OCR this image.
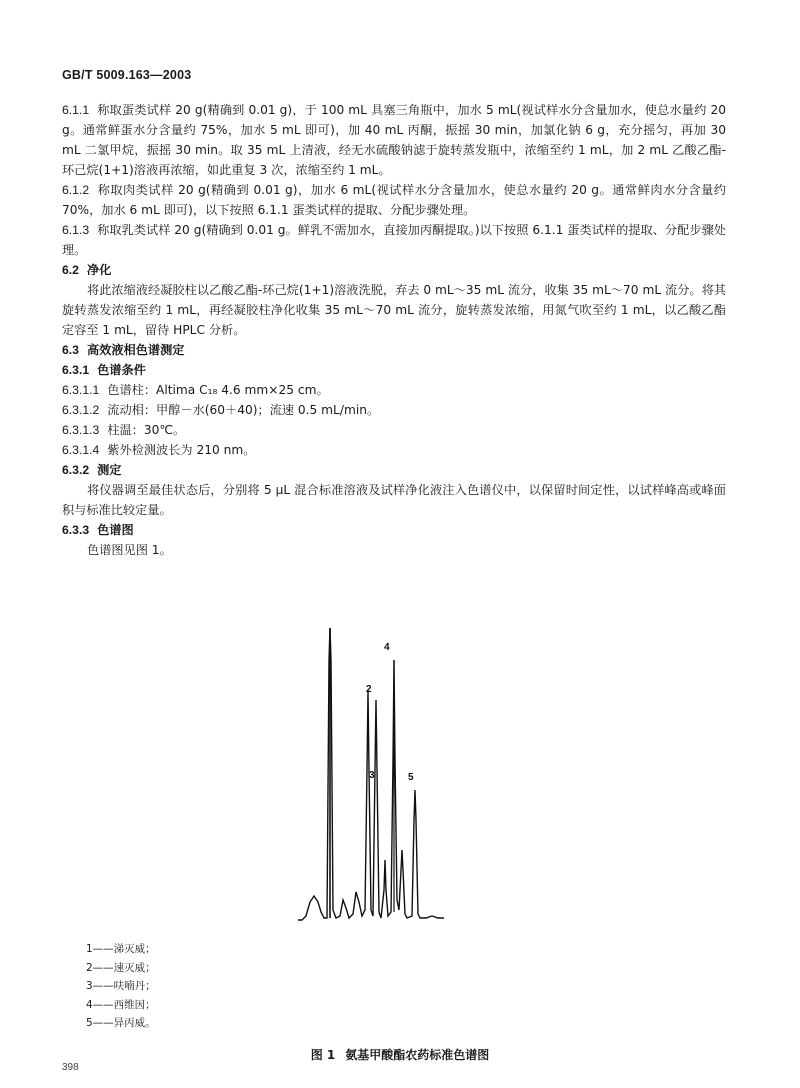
GB/T 5009.163—2003

6.1.1 称取蛋类试样 20 g(精确到 0.01 g)，于 100 mL 具塞三角瓶中，加水 5 mL(视试样水分含量加水，使总水量约 20 g。通常鲜蛋水分含量约 75%，加水 5 mL 即可)，加 40 mL 丙酮，振摇 30 min，加氯化钠 6 g，充分摇匀，再加 30 mL 二氯甲烷，振摇 30 min。取 35 mL 上清液，经无水硫酸钠滤于旋转蒸发瓶中，浓缩至约 1 mL，加 2 mL 乙酸乙酯-环己烷(1+1)溶液再浓缩，如此重复 3 次，浓缩至约 1 mL。

6.1.2 称取肉类试样 20 g(精确到 0.01 g)，加水 6 mL(视试样水分含量加水，使总水量约 20 g。通常鲜肉水分含量约 70%，加水 6 mL 即可)，以下按照 6.1.1 蛋类试样的提取、分配步骤处理。

6.1.3 称取乳类试样 20 g(精确到 0.01 g。鲜乳不需加水，直接加丙酮提取。)以下按照 6.1.1 蛋类试样的提取、分配步骤处理。

6.2 净化

将此浓缩液经凝胶柱以乙酸乙酯-环己烷(1+1)溶液洗脱，弃去 0 mL～35 mL 流分，收集 35 mL～70 mL 流分。将其旋转蒸发浓缩至约 1 mL，再经凝胶柱净化收集 35 mL～70 mL 流分，旋转蒸发浓缩，用氮气吹至约 1 mL，以乙酸乙酯定容至 1 mL，留待 HPLC 分析。

6.3 高效液相色谱测定

6.3.1 色谱条件

6.3.1.1 色谱柱：Altima C₁₈ 4.6 mm×25 cm。

6.3.1.2 流动相：甲醇－水(60＋40)；流速 0.5 mL/min。

6.3.1.3 柱温：30℃。

6.3.1.4 紫外检测波长为 210 nm。

6.3.2 测定

将仪器调至最佳状态后，分别将 5 μL 混合标准溶液及试样净化液注入色谱仪中，以保留时间定性，以试样峰高或峰面积与标准比较定量。

6.3.3 色谱图

色谱图见图 1。

2
3
4
5
1——涕灭威；
2——速灭威；
3——呋喃丹；
4——西维因；
5——异丙威。
图 1 氨基甲酸酯农药标准色谱图
398
